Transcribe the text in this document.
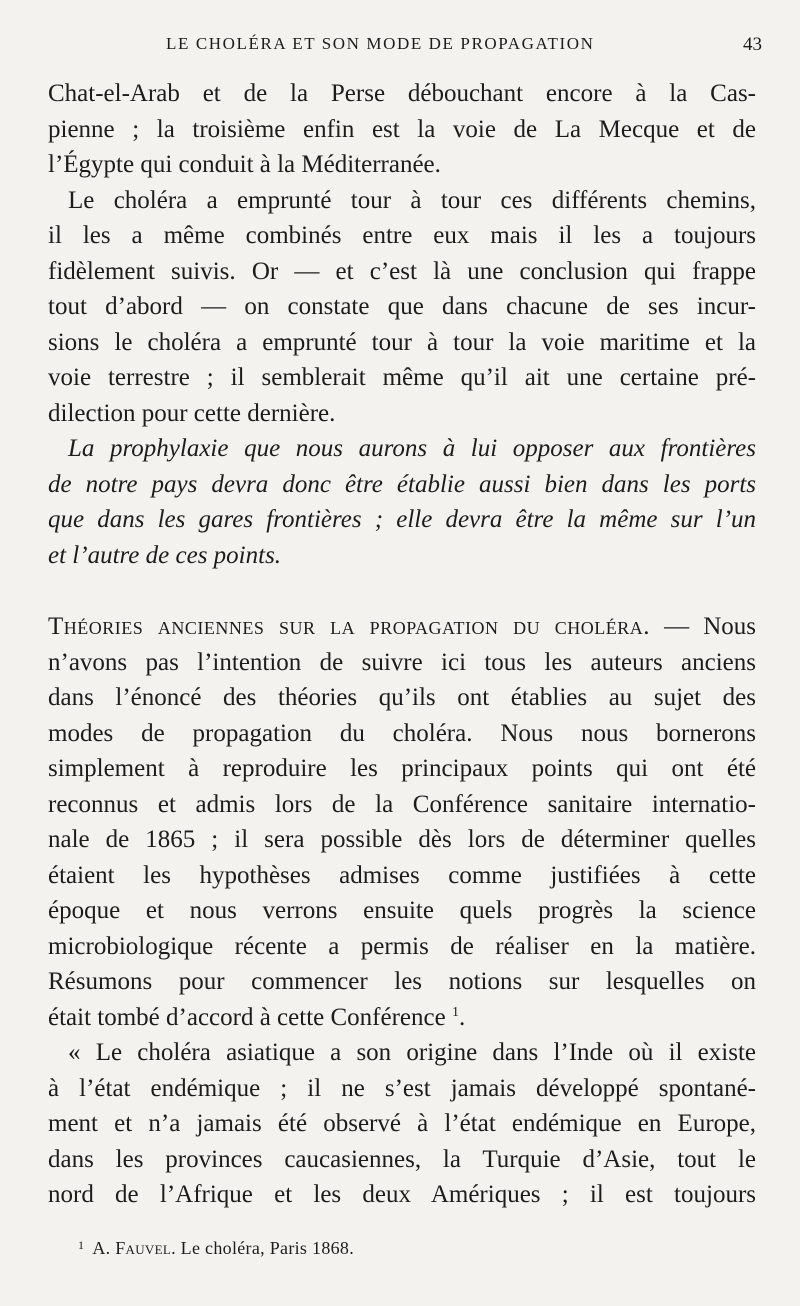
LE CHOLÉRA ET SON MODE DE PROPAGATION	43
Chat-el-Arab et de la Perse débouchant encore à la Cas-
pienne ; la troisième enfin est la voie de La Mecque et de
l’Égypte qui conduit à la Méditerranée.
Le choléra a emprunté tour à tour ces différents chemins,
il les a même combinés entre eux mais il les a toujours
fidèlement suivis. Or — et c’est là une conclusion qui frappe
tout d’abord — on constate que dans chacune de ses incur-
sions le choléra a emprunté tour à tour la voie maritime et la
voie terrestre ; il semblerait même qu’il ait une certaine pré-
dilection pour cette dernière.
La prophylaxie que nous aurons à lui opposer aux frontières
de notre pays devra donc être établie aussi bien dans les ports
que dans les gares frontières ; elle devra être la même sur l’un
et l’autre de ces points.
Théories anciennes sur la propagation du choléra. — Nous
n’avons pas l’intention de suivre ici tous les auteurs anciens
dans l’énoncé des théories qu’ils ont établies au sujet des
modes de propagation du choléra. Nous nous bornerons
simplement à reproduire les principaux points qui ont été
reconnus et admis lors de la Conférence sanitaire internatio-
nale de 1865 ; il sera possible dès lors de déterminer quelles
étaient les hypothèses admises comme justifiées à cette
époque et nous verrons ensuite quels progrès la science
microbiologique récente a permis de réaliser en la matière.
Résumons pour commencer les notions sur lesquelles on
était tombé d’accord à cette Conférence $^1$.
« Le choléra asiatique a son origine dans l’Inde où il existe
à l’état endémique ; il ne s’est jamais développé spontané-
ment et n’a jamais été observé à l’état endémique en Europe,
dans les provinces caucasiennes, la Turquie d’Asie, tout le
nord de l’Afrique et les deux Amériques ; il est toujours
$^1$ A. Fauvel. Le choléra, Paris 1868.
